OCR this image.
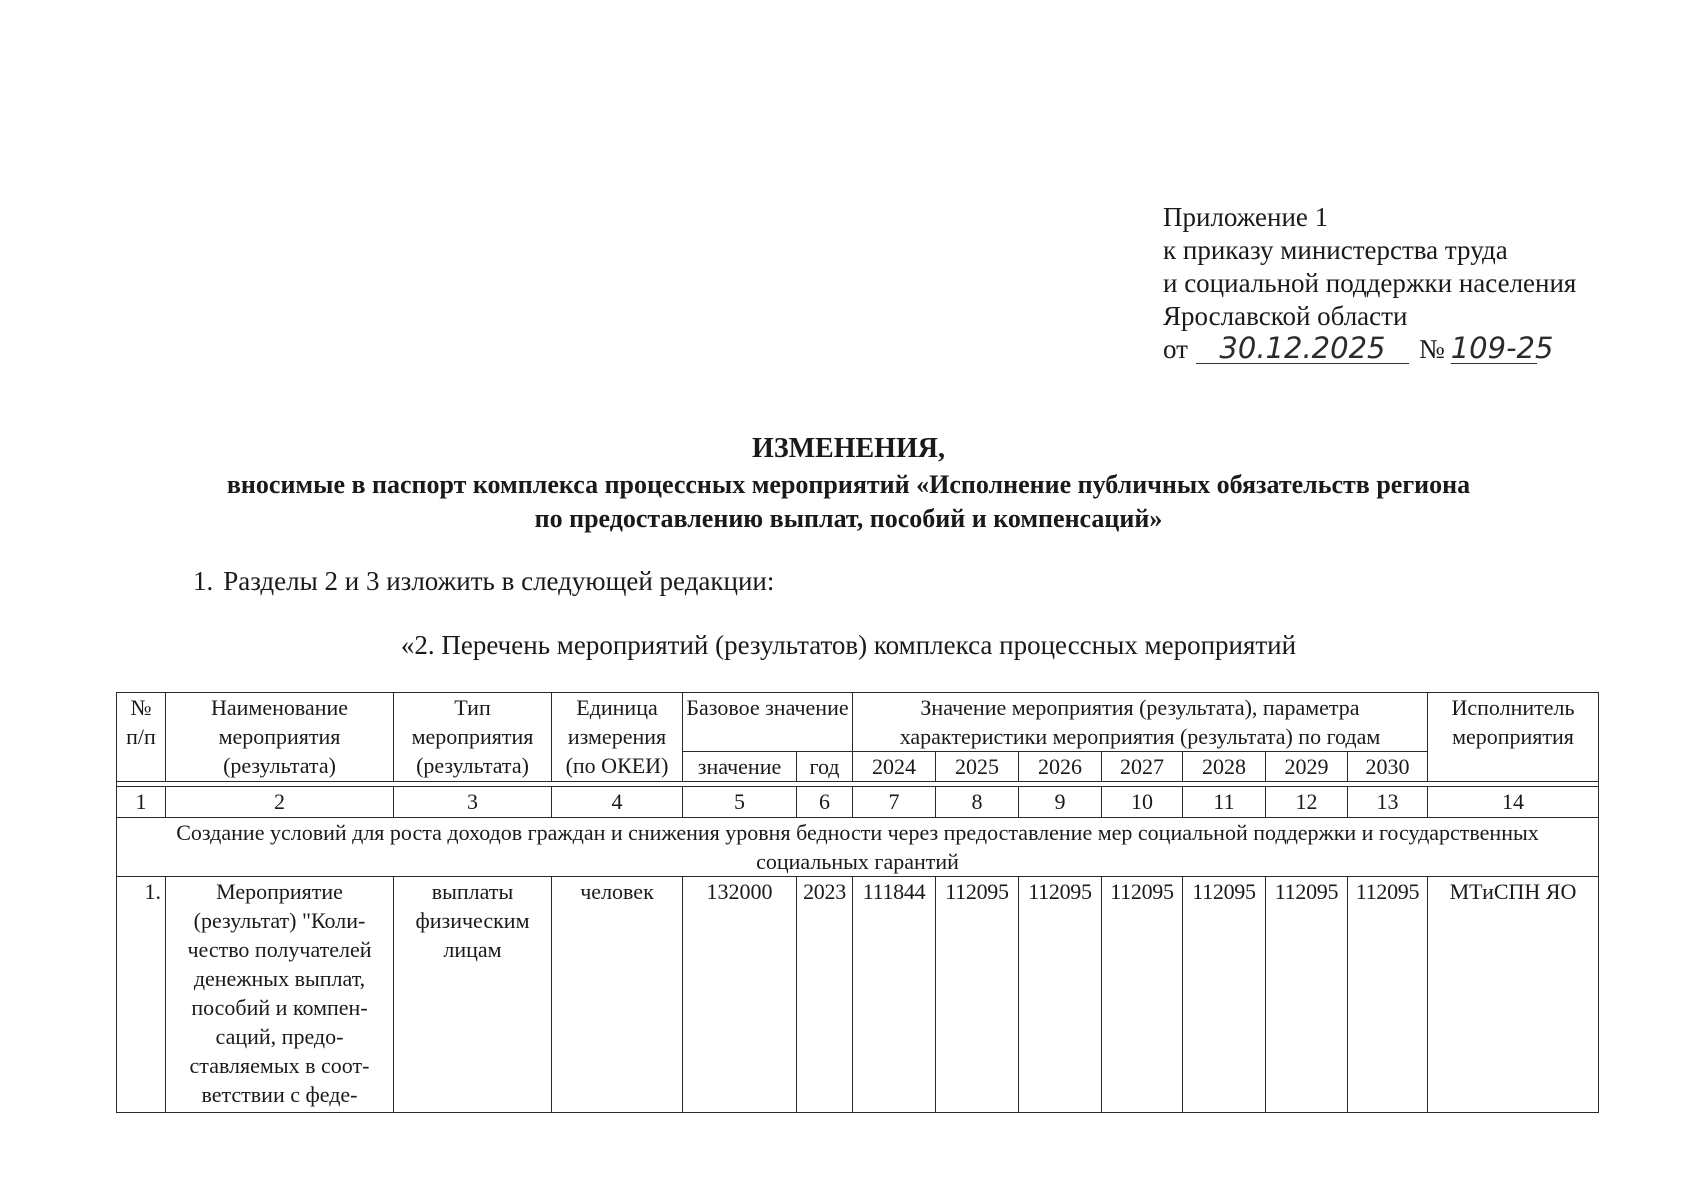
Приложение 1
к приказу министерства труда
и социальной поддержки населения
Ярославской области
от 30.12.2025 № 109-25
ИЗМЕНЕНИЯ,
вносимые в паспорт комплекса процессных мероприятий «Исполнение публичных обязательств региона
по предоставлению выплат, пособий и компенсаций»
1. Разделы 2 и 3 изложить в следующей редакции:
«2. Перечень мероприятий (результатов) комплекса процессных мероприятий
№ п/п	Наименование мероприятия (результата)	Тип мероприятия (результата)	Единица измерения (по ОКЕИ)	Базовое значение		Значение мероприятия (результата), параметра характеристики мероприятия (результата) по годам							Исполнитель мероприятия
				значение	год	2024	2025	2026	2027	2028	2029	2030	

1	2	3	4	5	6	7	8	9	10	11	12	13	14
Создание условий для роста доходов граждан и снижения уровня бедности через предоставление мер социальной поддержки и государственных социальных гарантий													
1.	Мероприятие (результат) "Коли-чество получателей денежных выплат, пособий и компен-саций, предо-ставляемых в соот-ветствии с феде-	выплаты физическим лицам	человек	132000	2023	111844	112095	112095	112095	112095	112095	112095	МТиСПН ЯО
